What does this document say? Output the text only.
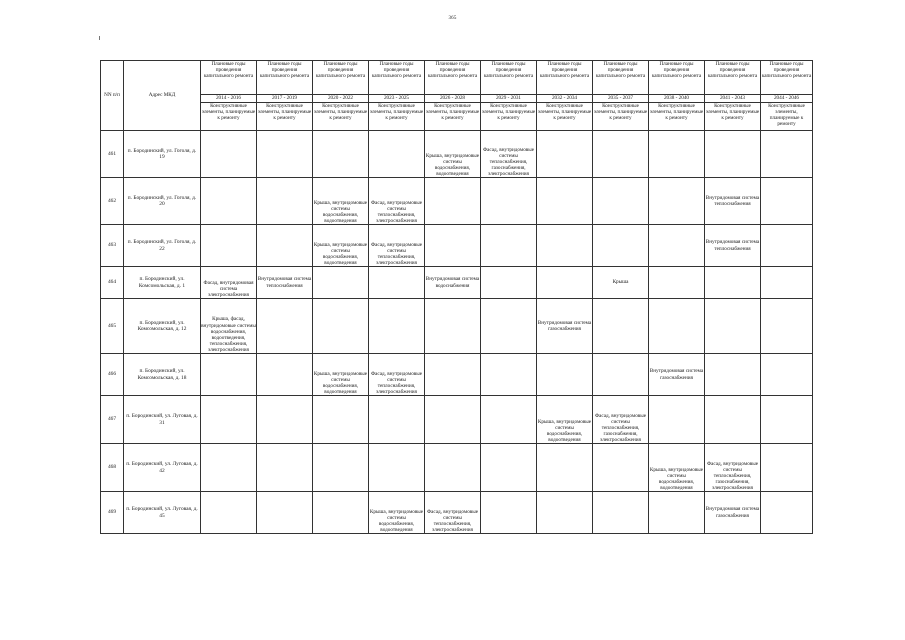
365
NN п/п	Адрес МКД	Плановые годы проведения капитального ремонта	Плановые годы проведения капитального ремонта	Плановые годы проведения капитального ремонта	Плановые годы проведения капитального ремонта	Плановые годы проведения капитального ремонта	Плановые годы проведения капитального ремонта	Плановые годы проведения капитального ремонта	Плановые годы проведения капитального ремонта	Плановые годы проведения капитального ремонта	Плановые годы проведения капитального ремонта	Плановые годы проведения капитального ремонта
		2014 - 2016	2017 - 2019	2020 - 2022	2023 - 2025	2026 - 2028	2029 - 2031	2032 - 2034	2035 - 2037	2038 - 2040	2041 - 2043	2044 - 2046
		Конструктивные элементы, планируемые к ремонту	Конструктивные элементы, планируемые к ремонту	Конструктивные элементы, планируемые к ремонту	Конструктивные элементы, планируемые к ремонту	Конструктивные элементы, планируемые к ремонту	Конструктивные элементы, планируемые к ремонту	Конструктивные элементы, планируемые к ремонту	Конструктивные элементы, планируемые к ремонту	Конструктивные элементы, планируемые к ремонту	Конструктивные элементы, планируемые к ремонту	Конструктивные элементы, планируемые к ремонту
461	п. Бородинский, ул. Гоголя, д. 19					Крыша, внутридомовые системы водоснабжения, водоотведения	Фасад, внутридомовые системы теплоснабжения, газоснабжения, электроснабжения					
462	п. Бородинский, ул. Гоголя, д. 20			Крыша, внутридомовые системы водоснабжения, водоотведения	Фасад, внутридомовые системы теплоснабжения, электроснабжения						Внутридомовая система теплоснабжения	
463	п. Бородинский, ул. Гоголя, д. 22			Крыша, внутридомовые системы водоснабжения, водоотведения	Фасад, внутридомовые системы теплоснабжения, электроснабжения						Внутридомовая система теплоснабжения	
464	п. Бородинский, ул. Комсомольская, д. 1	Фасад, внутридомовая система электроснабжения	Внутридомовая система теплоснабжения			Внутридомовая система водоснабжения			Крыша			
465	п. Бородинский, ул. Комсомольская, д. 12	Крыша, фасад, внутридомовые системы водоснабжения, водоотведения, теплоснабжения, электроснабжения						Внутридомовая система газоснабжения				
466	п. Бородинский, ул. Комсомольская, д. 18			Крыша, внутридомовые системы водоснабжения, водоотведения	Фасад, внутридомовые системы теплоснабжения, электроснабжения					Внутридомовая система газоснабжения		
467	п. Бородинский, ул. Луговая, д. 31							Крыша, внутридомовые системы водоснабжения, водоотведения	Фасад, внутридомовые системы теплоснабжения, газоснабжения, электроснабжения			
468	п. Бородинский, ул. Луговая, д. 42									Крыша, внутридомовые системы водоснабжения, водоотведения	Фасад, внутридомовые системы теплоснабжения, газоснабжения, электроснабжения	
469	п. Бородинский, ул. Луговая, д. 45				Крыша, внутридомовые системы водоснабжения, водоотведения	Фасад, внутридомовые системы теплоснабжения, электроснабжения					Внутридомовая система газоснабжения	
